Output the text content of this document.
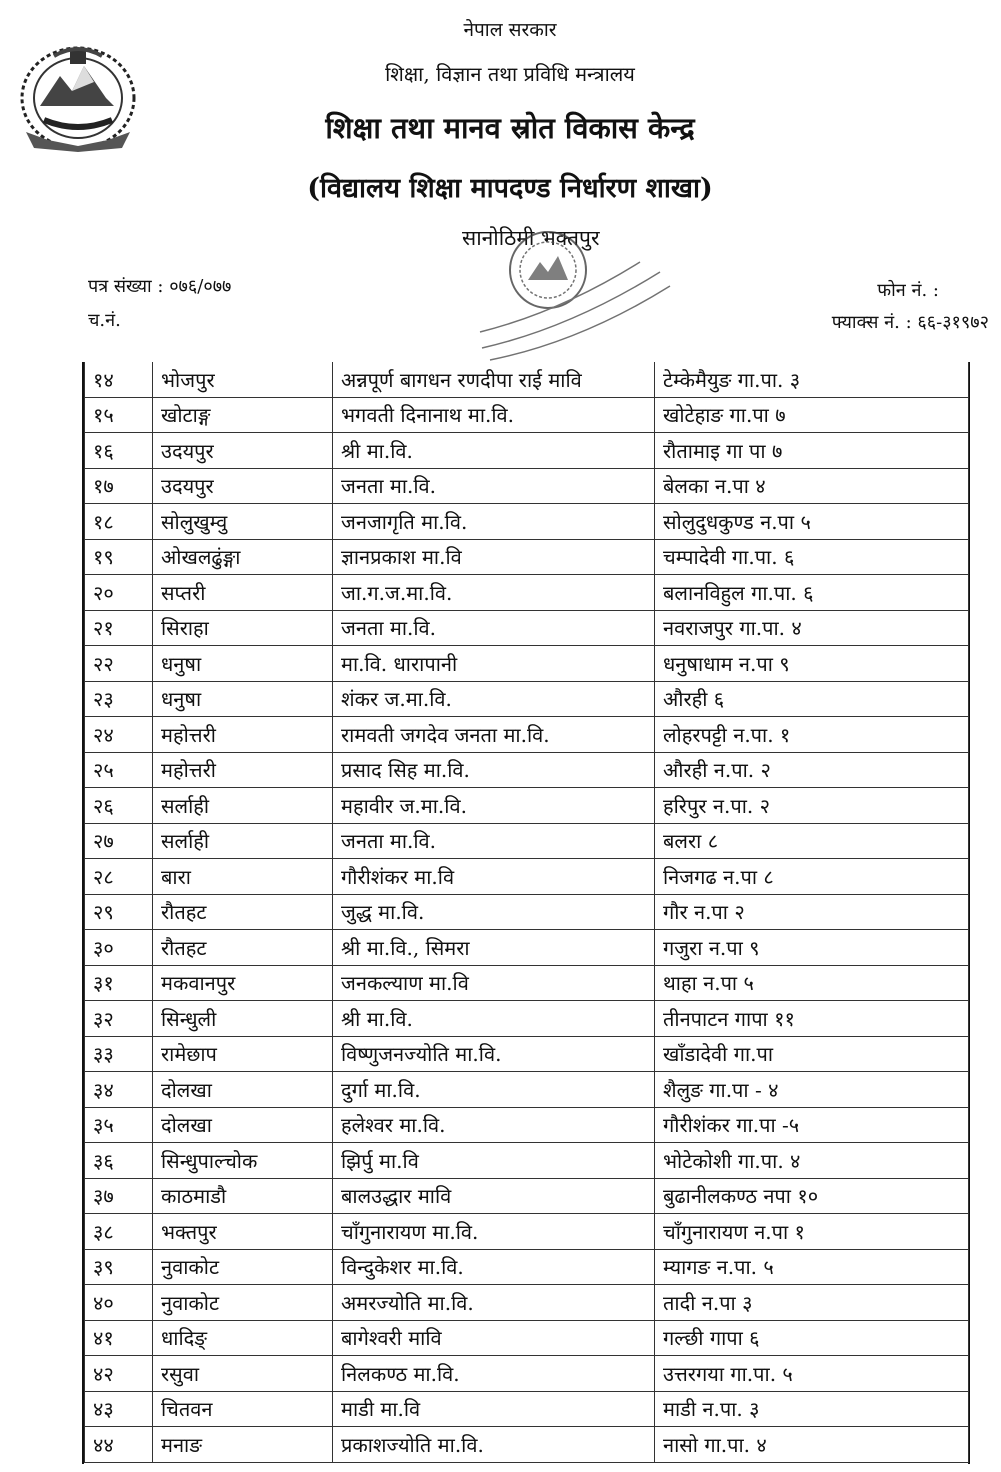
नेपाल सरकार
शिक्षा, विज्ञान तथा प्रविधि मन्त्रालय
शिक्षा तथा मानव स्रोत विकास केन्द्र
(विद्यालय शिक्षा मापदण्ड निर्धारण शाखा)
सानोठिमी भक्तपुर
पत्र संख्या : ०७६/०७७
च.नं.
फोन नं. :
फ्याक्स नं. : ६६-३१९७२
१४	भोजपुर	अन्नपूर्ण बागधन रणदीपा राई मावि	टेम्केमैयुङ गा.पा. ३
१५	खोटाङ्ग	भगवती दिनानाथ मा.वि.	खोटेहाङ गा.पा ७
१६	उदयपुर	श्री मा.वि.	रौतामाइ गा पा ७
१७	उदयपुर	जनता मा.वि.	बेलका न.पा ४
१८	सोलुखुम्वु	जनजागृति मा.वि.	सोलुदुधकुण्ड न.पा ५
१९	ओखलढुंङ्गा	ज्ञानप्रकाश मा.वि	चम्पादेवी गा.पा. ६
२०	सप्तरी	जा.ग.ज.मा.वि.	बलानविहुल गा.पा. ६
२१	सिराहा	जनता मा.वि.	नवराजपुर गा.पा. ४
२२	धनुषा	मा.वि. धारापानी	धनुषाधाम न.पा ९
२३	धनुषा	शंकर ज.मा.वि.	औरही ६
२४	महोत्तरी	रामवती जगदेव जनता मा.वि.	लोहरपट्टी न.पा. १
२५	महोत्तरी	प्रसाद सिह मा.वि.	औरही न.पा. २
२६	सर्लाही	महावीर ज.मा.वि.	हरिपुर न.पा. २
२७	सर्लाही	जनता मा.वि.	बलरा ८
२८	बारा	गौरीशंकर मा.वि	निजगढ न.पा ८
२९	रौतहट	जुद्ध मा.वि.	गौर न.पा २
३०	रौतहट	श्री मा.वि., सिमरा	गजुरा न.पा ९
३१	मकवानपुर	जनकल्याण मा.वि	थाहा न.पा ५
३२	सिन्धुली	श्री मा.वि.	तीनपाटन गापा ११
३३	रामेछाप	विष्णुजनज्योति मा.वि.	खाँडादेवी गा.पा
३४	दोलखा	दुर्गा मा.वि.	शैलुङ गा.पा - ४
३५	दोलखा	हलेश्वर मा.वि.	गौरीशंकर गा.पा -५
३६	सिन्धुपाल्चोक	झिर्पु मा.वि	भोटेकोशी गा.पा. ४
३७	काठमाडौ	बालउद्धार मावि	बुढानीलकण्ठ नपा १०
३८	भक्तपुर	चाँगुनारायण मा.वि.	चाँगुनारायण न.पा १
३९	नुवाकोट	विन्दुकेशर मा.वि.	म्यागङ न.पा. ५
४०	नुवाकोट	अमरज्योति मा.वि.	तादी न.पा ३
४१	धादिङ्	बागेश्वरी मावि	गल्छी गापा ६
४२	रसुवा	निलकण्ठ मा.वि.	उत्तरगया गा.पा. ५
४३	चितवन	माडी मा.वि	माडी न.पा. ३
४४	मनाङ	प्रकाशज्योति मा.वि.	नासो गा.पा. ४
